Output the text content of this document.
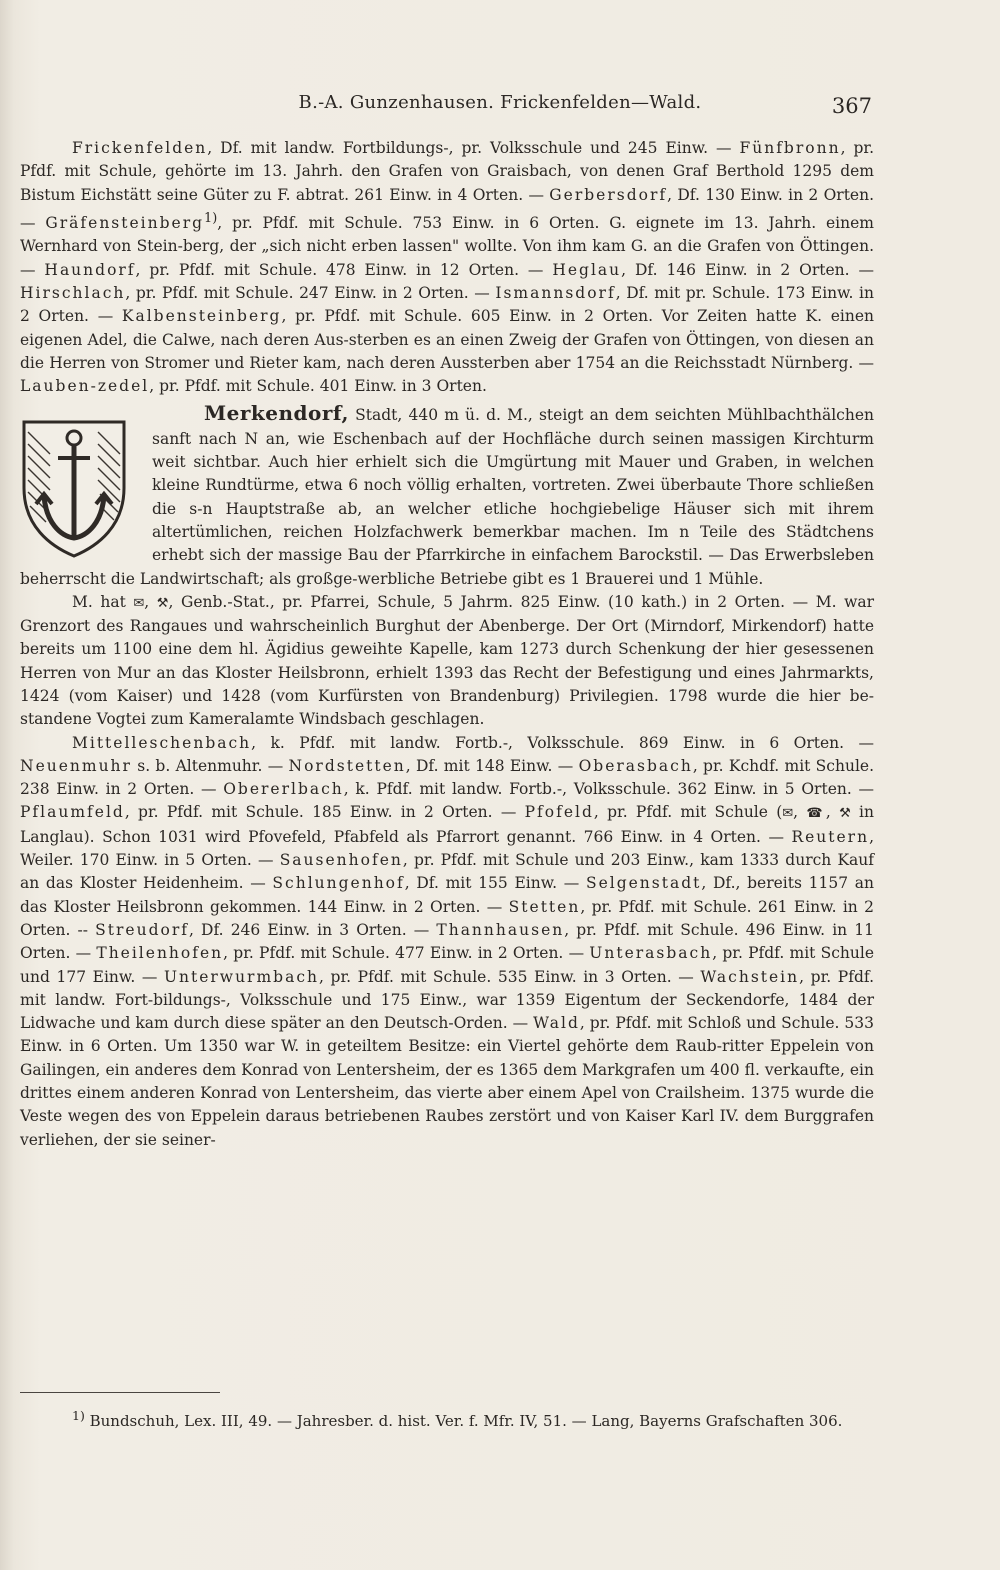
B.-A. Gunzenhausen. Frickenfelden—Wald.	367

Frickenfelden, Df. mit landw. Fortbildungs-, pr. Volksschule und 245 Einw. — Fünfbronn, pr. Pfdf. mit Schule, gehörte im 13. Jahrh. den Grafen von Graisbach, von denen Graf Berthold 1295 dem Bistum Eichstätt seine Güter zu F. abtrat. 261 Einw. in 4 Orten. — Gerbersdorf, Df. 130 Einw. in 2 Orten. — Gräfensteinberg$^{1)}$, pr. Pfdf. mit Schule. 753 Einw. in 6 Orten. G. eignete im 13. Jahrh. einem Wernhard von Stein-berg, der „sich nicht erben lassen" wollte. Von ihm kam G. an die Grafen von Öttingen. — Haundorf, pr. Pfdf. mit Schule. 478 Einw. in 12 Orten. — Heglau, Df. 146 Einw. in 2 Orten. — Hirschlach, pr. Pfdf. mit Schule. 247 Einw. in 2 Orten. — Ismannsdorf, Df. mit pr. Schule. 173 Einw. in 2 Orten. — Kalbensteinberg, pr. Pfdf. mit Schule. 605 Einw. in 2 Orten. Vor Zeiten hatte K. einen eigenen Adel, die Calwe, nach deren Aus-sterben es an einen Zweig der Grafen von Öttingen, von diesen an die Herren von Stromer und Rieter kam, nach deren Aussterben aber 1754 an die Reichsstadt Nürnberg. — Lauben-zedel, pr. Pfdf. mit Schule. 401 Einw. in 3 Orten.

Merkendorf,
Stadt, 440 m ü. d. M., steigt an dem seichten Mühlbachthälchen sanft nach N an, wie Eschenbach auf der Hochfläche durch seinen massigen Kirchturm weit sichtbar. Auch hier erhielt sich die Umgürtung mit Mauer und Graben, in welchen kleine Rundtürme, etwa 6 noch völlig erhalten, vortreten. Zwei überbaute Thore schließen die s-n Hauptstraße ab, an welcher etliche hochgiebelige Häuser sich mit ihrem altertümlichen, reichen Holzfachwerk bemerkbar machen. Im n Teile des Städtchens erhebt sich der massige Bau der Pfarrkirche in einfachem Barockstil. — Das Erwerbsleben beherrscht die Landwirtschaft; als großge-werbliche Betriebe gibt es 1 Brauerei und 1 Mühle.

M. hat ✉, ⚒, Genb.-Stat., pr. Pfarrei, Schule, 5 Jahrm. 825 Einw. (10 kath.) in 2 Orten. — M. war Grenzort des Rangaues und wahrscheinlich Burghut der Abenberge. Der Ort (Mirndorf, Mirkendorf) hatte bereits um 1100 eine dem hl. Ägidius geweihte Kapelle, kam 1273 durch Schenkung der hier gesessenen Herren von Mur an das Kloster Heilsbronn, erhielt 1393 das Recht der Befestigung und eines Jahrmarkts, 1424 (vom Kaiser) und 1428 (vom Kurfürsten von Brandenburg) Privilegien. 1798 wurde die hier be-standene Vogtei zum Kameralamte Windsbach geschlagen.

Mittelleschenbach, k. Pfdf. mit landw. Fortb.-, Volksschule. 869 Einw. in 6 Orten. — Neuenmuhr s. b. Altenmuhr. — Nordstetten, Df. mit 148 Einw. — Oberasbach, pr. Kchdf. mit Schule. 238 Einw. in 2 Orten. — Obererlbach, k. Pfdf. mit landw. Fortb.-, Volksschule. 362 Einw. in 5 Orten. — Pflaumfeld, pr. Pfdf. mit Schule. 185 Einw. in 2 Orten. — Pfofeld, pr. Pfdf. mit Schule (✉, ☎, ⚒ in Langlau). Schon 1031 wird Pfovefeld, Pfabfeld als Pfarrort genannt. 766 Einw. in 4 Orten. — Reutern, Weiler. 170 Einw. in 5 Orten. — Sausenhofen, pr. Pfdf. mit Schule und 203 Einw., kam 1333 durch Kauf an das Kloster Heidenheim. — Schlungenhof, Df. mit 155 Einw. — Selgenstadt, Df., bereits 1157 an das Kloster Heilsbronn gekommen. 144 Einw. in 2 Orten. — Stetten, pr. Pfdf. mit Schule. 261 Einw. in 2 Orten. -- Streudorf, Df. 246 Einw. in 3 Orten. — Thannhausen, pr. Pfdf. mit Schule. 496 Einw. in 11 Orten. — Theilenhofen, pr. Pfdf. mit Schule. 477 Einw. in 2 Orten. — Unterasbach, pr. Pfdf. mit Schule und 177 Einw. — Unterwurmbach, pr. Pfdf. mit Schule. 535 Einw. in 3 Orten. — Wachstein, pr. Pfdf. mit landw. Fort-bildungs-, Volksschule und 175 Einw., war 1359 Eigentum der Seckendorfe, 1484 der Lidwache und kam durch diese später an den Deutsch-Orden. — Wald, pr. Pfdf. mit Schloß und Schule. 533 Einw. in 6 Orten. Um 1350 war W. in geteiltem Besitze: ein Viertel gehörte dem Raub-ritter Eppelein von Gailingen, ein anderes dem Konrad von Lentersheim, der es 1365 dem Markgrafen um 400 fl. verkaufte, ein drittes einem anderen Konrad von Lentersheim, das vierte aber einem Apel von Crailsheim. 1375 wurde die Veste wegen des von Eppelein daraus betriebenen Raubes zerstört und von Kaiser Karl IV. dem Burggrafen verliehen, der sie seiner-

$^{1)}$ Bundschuh, Lex. III, 49. — Jahresber. d. hist. Ver. f. Mfr. IV, 51. — Lang, Bayerns Grafschaften 306.
